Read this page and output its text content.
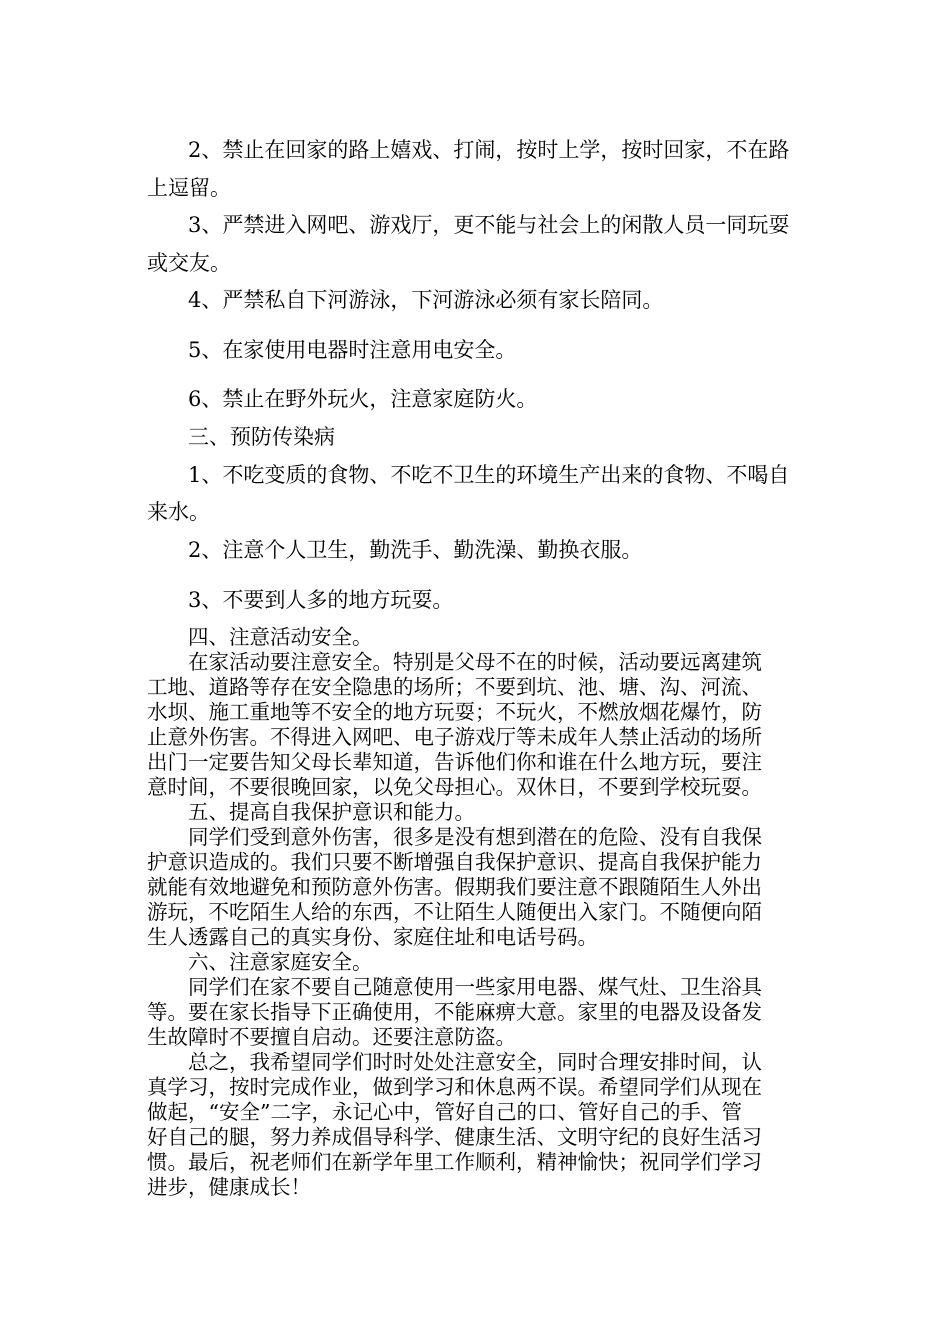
2、禁止在回家的路上嬉戏、打闹，按时上学，按时回家，不在路
上逗留。
3、严禁进入网吧、游戏厅，更不能与社会上的闲散人员一同玩耍
或交友。
4、严禁私自下河游泳，下河游泳必须有家长陪同。
5、在家使用电器时注意用电安全。
6、禁止在野外玩火，注意家庭防火。
三、预防传染病
1、不吃变质的食物、不吃不卫生的环境生产出来的食物、不喝自
来水。
2、注意个人卫生，勤洗手、勤洗澡、勤换衣服。
3、不要到人多的地方玩耍。
四、注意活动安全。
在家活动要注意安全。特别是父母不在的时候，活动要远离建筑
工地、道路等存在安全隐患的场所；不要到坑、池、塘、沟、河流、
水坝、施工重地等不安全的地方玩耍；不玩火，不燃放烟花爆竹，防
止意外伤害。不得进入网吧、电子游戏厅等未成年人禁止活动的场所
出门一定要告知父母长辈知道，告诉他们你和谁在什么地方玩，要注
意时间，不要很晚回家，以免父母担心。双休日，不要到学校玩耍。
五、提高自我保护意识和能力。
同学们受到意外伤害，很多是没有想到潜在的危险、没有自我保
护意识造成的。我们只要不断增强自我保护意识、提高自我保护能力
就能有效地避免和预防意外伤害。假期我们要注意不跟随陌生人外出
游玩，不吃陌生人给的东西，不让陌生人随便出入家门。不随便向陌
生人透露自己的真实身份、家庭住址和电话号码。
六、注意家庭安全。
同学们在家不要自己随意使用一些家用电器、煤气灶、卫生浴具
等。要在家长指导下正确使用，不能麻痹大意。家里的电器及设备发
生故障时不要擅自启动。还要注意防盗。
总之，我希望同学们时时处处注意安全，同时合理安排时间，认
真学习，按时完成作业，做到学习和休息两不误。希望同学们从现在
做起，“安全”二字，永记心中，管好自己的口、管好自己的手、管
好自己的腿，努力养成倡导科学、健康生活、文明守纪的良好生活习
惯。最后，祝老师们在新学年里工作顺利，精神愉快；祝同学们学习
进步，健康成长！
